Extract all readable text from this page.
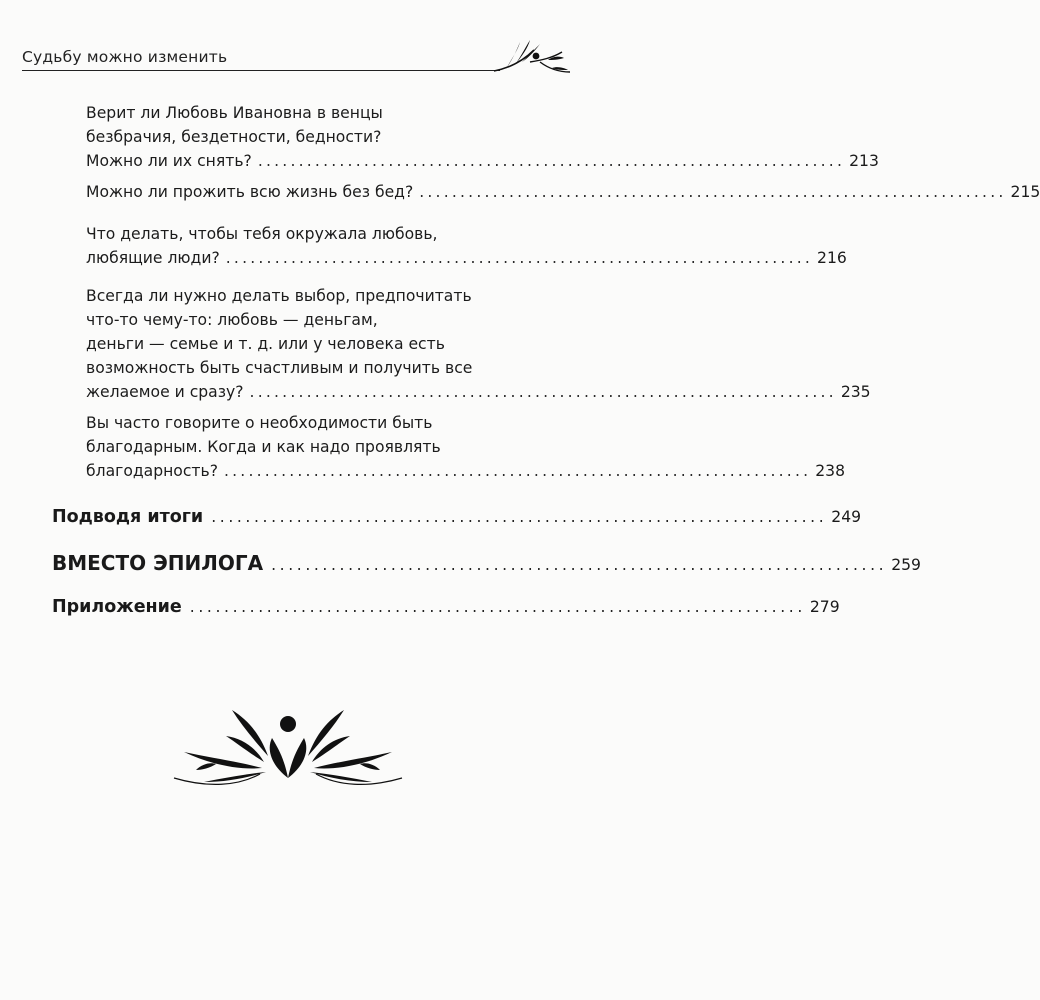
Судьбу можно изменить
Верит ли Любовь Ивановна в венцы
безбрачия, бездетности, бедности?
Можно ли их снять? ........................................................................ 213
Можно ли прожить всю жизнь без бед? ........................................................................ 215
Что делать, чтобы тебя окружала любовь,
любящие люди? ........................................................................ 216
Всегда ли нужно делать выбор, предпочитать
что-то чему-то: любовь — деньгам,
деньги — семье и т. д. или у человека есть
возможность быть счастливым и получить все
желаемое и сразу? ........................................................................ 235
Вы часто говорите о необходимости быть
благодарным. Когда и как надо проявлять
благодарность? ........................................................................ 238
Подводя итоги ........................................................................ 249
ВМЕСТО ЭПИЛОГА ........................................................................ 259
Приложение ........................................................................ 279
